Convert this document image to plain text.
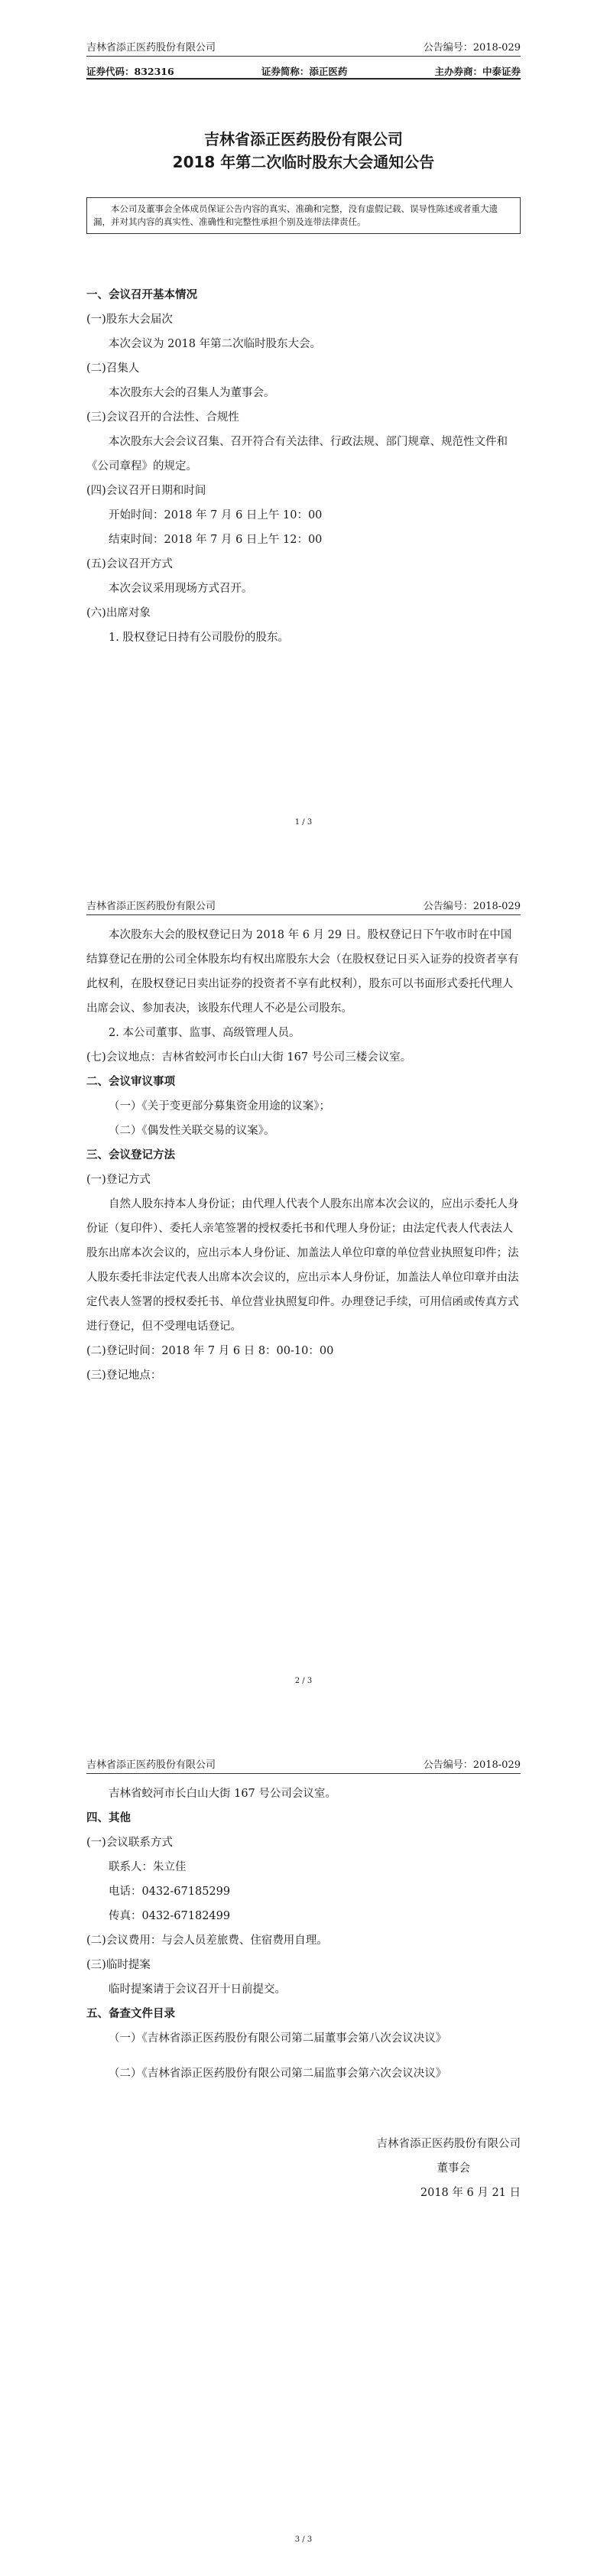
吉林省添正医药股份有限公司	公告编号：2018-029
证券代码：832316	证券简称：添正医药	主办券商：中泰证券
吉林省添正医药股份有限公司
2018 年第二次临时股东大会通知公告
本公司及董事会全体成员保证公告内容的真实、准确和完整，没有虚假记载、误导性陈述或者重大遗漏，并对其内容的真实性、准确性和完整性承担个别及连带法律责任。
一、会议召开基本情况
(一)股东大会届次
本次会议为 2018 年第二次临时股东大会。
(二)召集人
本次股东大会的召集人为董事会。
(三)会议召开的合法性、合规性
本次股东大会会议召集、召开符合有关法律、行政法规、部门规章、规范性文件和《公司章程》的规定。
(四)会议召开日期和时间
开始时间：2018 年 7 月 6 日上午 10：00
结束时间：2018 年 7 月 6 日上午 12：00
(五)会议召开方式
本次会议采用现场方式召开。
(六)出席对象
1. 股权登记日持有公司股份的股东。
1 / 3
吉林省添正医药股份有限公司	公告编号：2018-029
本次股东大会的股权登记日为 2018 年 6 月 29 日。股权登记日下午收市时在中国结算登记在册的公司全体股东均有权出席股东大会（在股权登记日买入证券的投资者享有此权利，在股权登记日卖出证券的投资者不享有此权利），股东可以书面形式委托代理人出席会议、参加表决，该股东代理人不必是公司股东。
2. 本公司董事、监事、高级管理人员。
(七)会议地点：吉林省蛟河市长白山大街 167 号公司三楼会议室。
二、会议审议事项
（一）《关于变更部分募集资金用途的议案》；
（二）《偶发性关联交易的议案》。
三、会议登记方法
(一)登记方式
自然人股东持本人身份证；由代理人代表个人股东出席本次会议的，应出示委托人身份证（复印件）、委托人亲笔签署的授权委托书和代理人身份证；由法定代表人代表法人股东出席本次会议的，应出示本人身份证、加盖法人单位印章的单位营业执照复印件；法人股东委托非法定代表人出席本次会议的，应出示本人身份证，加盖法人单位印章并由法定代表人签署的授权委托书、单位营业执照复印件。办理登记手续，可用信函或传真方式进行登记，但不受理电话登记。
(二)登记时间：2018 年 7 月 6 日 8：00-10：00
(三)登记地点：
2 / 3
吉林省添正医药股份有限公司	公告编号：2018-029
吉林省蛟河市长白山大街 167 号公司会议室。
四、其他
(一)会议联系方式
联系人：朱立佳
电话：0432-67185299
传真：0432-67182499
(二)会议费用：与会人员差旅费、住宿费用自理。
(三)临时提案
临时提案请于会议召开十日前提交。
五、备查文件目录
（一）《吉林省添正医药股份有限公司第二届董事会第八次会议决议》
（二）《吉林省添正医药股份有限公司第二届监事会第六次会议决议》
吉林省添正医药股份有限公司
董事会
2018 年 6 月 21 日
3 / 3
